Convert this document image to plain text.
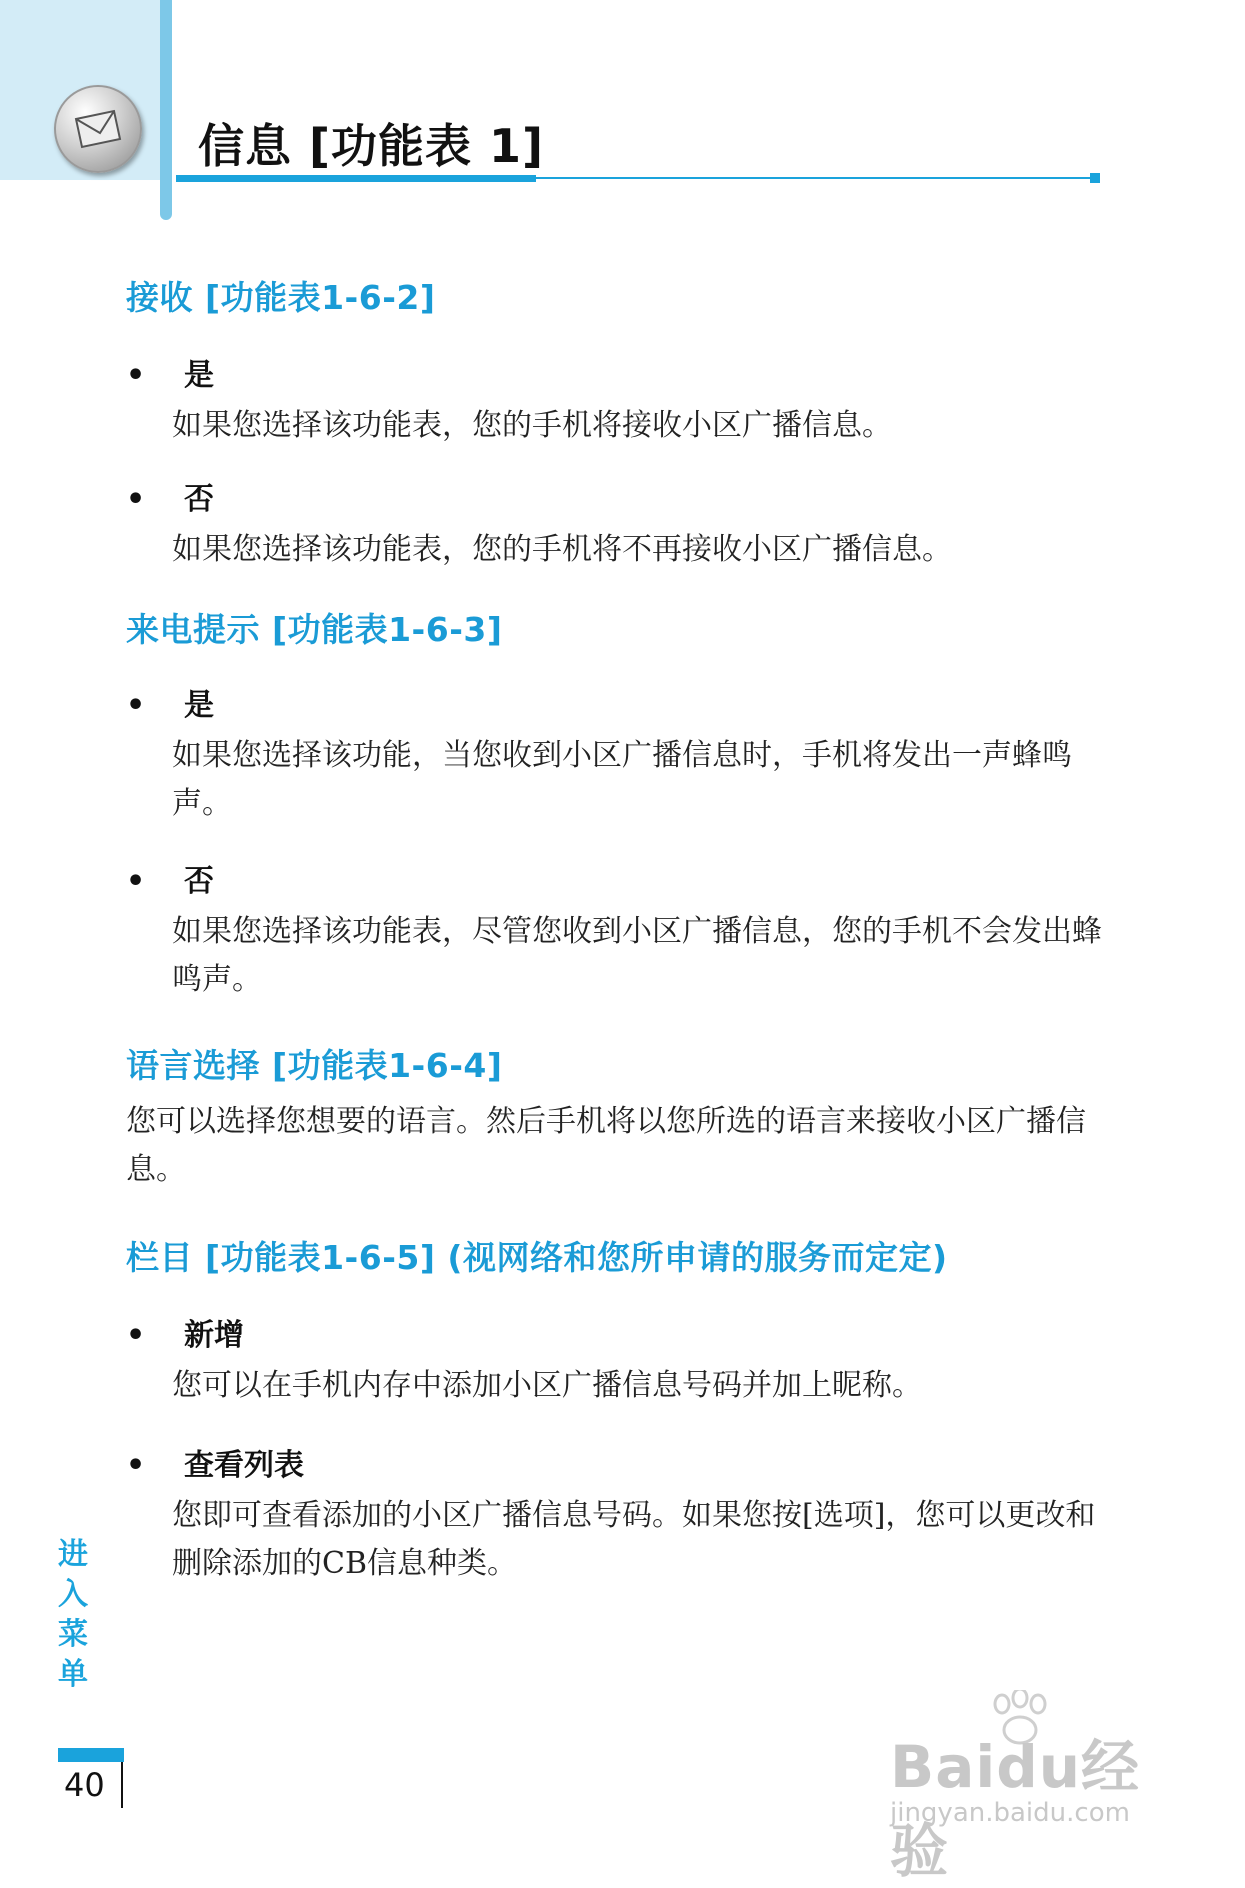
信息 [功能表 1]
接收 [功能表1-6-2]
• 是
如果您选择该功能表，您的手机将接收小区广播信息。
• 否
如果您选择该功能表，您的手机将不再接收小区广播信息。
来电提示 [功能表1-6-3]
• 是
如果您选择该功能，当您收到小区广播信息时，手机将发出一声蜂鸣声。
• 否
如果您选择该功能表，尽管您收到小区广播信息，您的手机不会发出蜂鸣声。
语言选择 [功能表1-6-4]
您可以选择您想要的语言。然后手机将以您所选的语言来接收小区广播信息。
栏目 [功能表1-6-5] (视网络和您所申请的服务而定定)
• 新增
您可以在手机内存中添加小区广播信息号码并加上昵称。
• 查看列表
您即可查看添加的小区广播信息号码。如果您按[选项]，您可以更改和删除添加的CB信息种类。
进入菜单
40	Baidu经验
jingyan.baidu.com
